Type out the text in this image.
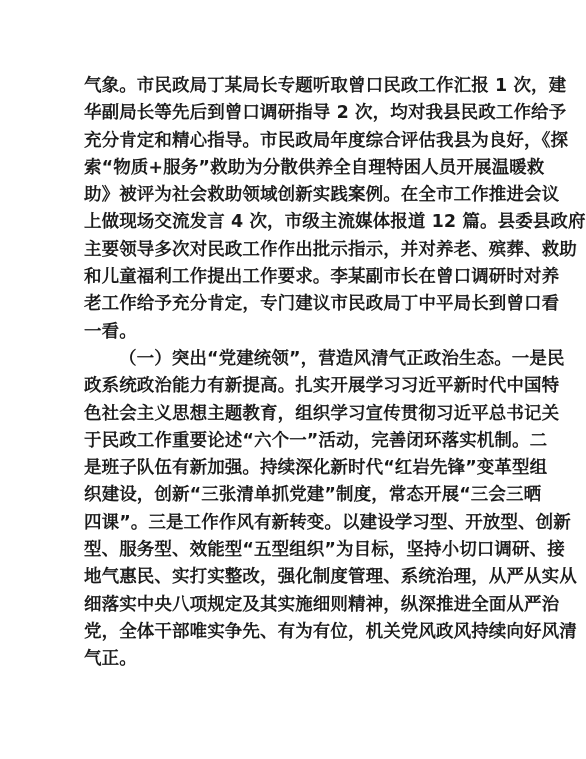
气象。市民政局丁某局长专题听取曾口民政工作汇报 1 次，建
华副局长等先后到曾口调研指导 2 次，均对我县民政工作给予
充分肯定和精心指导。市民政局年度综合评估我县为良好，《探
索“物质+服务”救助为分散供养全自理特困人员开展温暖救
助》被评为社会救助领域创新实践案例。在全市工作推进会议
上做现场交流发言 4 次，市级主流媒体报道 12 篇。县委县政府
主要领导多次对民政工作作出批示指示，并对养老、殡葬、救助
和儿童福利工作提出工作要求。李某副市长在曾口调研时对养
老工作给予充分肯定，专门建议市民政局丁中平局长到曾口看
一看。
（一）突出“党建统领”，营造风清气正政治生态。一是民
政系统政治能力有新提高。扎实开展学习习近平新时代中国特
色社会主义思想主题教育，组织学习宣传贯彻习近平总书记关
于民政工作重要论述“六个一”活动，完善闭环落实机制。二
是班子队伍有新加强。持续深化新时代“红岩先锋”变革型组
织建设，创新“三张清单抓党建”制度，常态开展“三会三晒
四课”。三是工作作风有新转变。以建设学习型、开放型、创新
型、服务型、效能型“五型组织”为目标，坚持小切口调研、接
地气惠民、实打实整改，强化制度管理、系统治理，从严从实从
细落实中央八项规定及其实施细则精神，纵深推进全面从严治
党，全体干部唯实争先、有为有位，机关党风政风持续向好风清
气正。
